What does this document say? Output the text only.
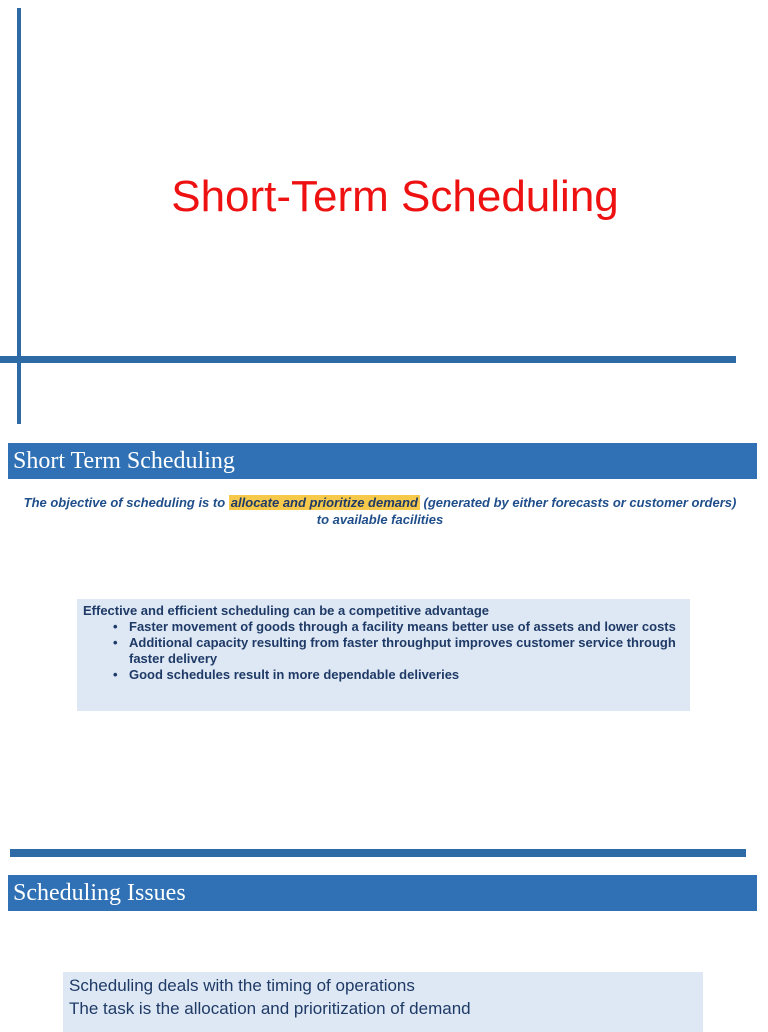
Short-Term Scheduling
Short Term Scheduling
The objective of scheduling is to allocate and prioritize demand (generated by either forecasts or customer orders) to available facilities
Effective and efficient scheduling can be a competitive advantage
• Faster movement of goods through a facility means better use of assets and lower costs
• Additional capacity resulting from faster throughput improves customer service through faster delivery
• Good schedules result in more dependable deliveries
Scheduling Issues
Scheduling deals with the timing of operations
The task is the allocation and prioritization of demand
